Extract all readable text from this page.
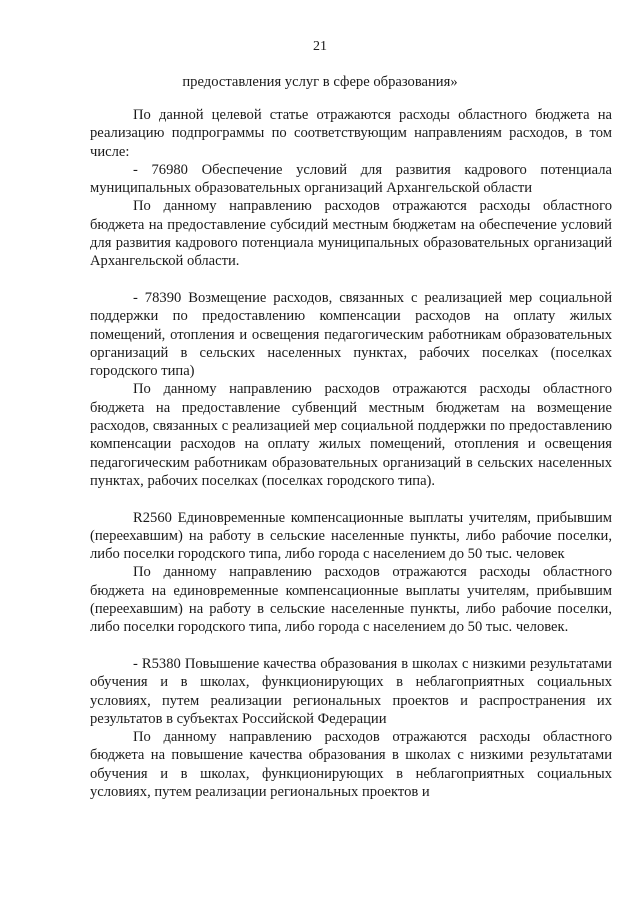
21
предоставления услуг в сфере образования»

По данной целевой статье отражаются расходы областного бюджета на реализацию подпрограммы по соответствующим направлениям расходов, в том числе:

- 76980 Обеспечение условий для развития кадрового потенциала муниципальных образовательных организаций Архангельской области

По данному направлению расходов отражаются расходы областного бюджета на предоставление субсидий местным бюджетам на обеспечение условий для развития кадрового потенциала муниципальных образовательных организаций Архангельской области.

- 78390 Возмещение расходов, связанных с реализацией мер социальной поддержки по предоставлению компенсации расходов на оплату жилых помещений, отопления и освещения педагогическим работникам образовательных организаций в сельских населенных пунктах, рабочих поселках (поселках городского типа)

По данному направлению расходов отражаются расходы областного бюджета на предоставление субвенций местным бюджетам на возмещение расходов, связанных с реализацией мер социальной поддержки по предоставлению компенсации расходов на оплату жилых помещений, отопления и освещения педагогическим работникам образовательных организаций в сельских населенных пунктах, рабочих поселках (поселках городского типа).

R2560 Единовременные компенсационные выплаты учителям, прибывшим (переехавшим) на работу в сельские населенные пункты, либо рабочие поселки, либо поселки городского типа, либо города с населением до 50 тыс. человек

По данному направлению расходов отражаются расходы областного бюджета на единовременные компенсационные выплаты учителям, прибывшим (переехавшим) на работу в сельские населенные пункты, либо рабочие поселки, либо поселки городского типа, либо города с населением до 50 тыс. человек.

- R5380 Повышение качества образования в школах с низкими результатами обучения и в школах, функционирующих в неблагоприятных социальных условиях, путем реализации региональных проектов и распространения их результатов в субъектах Российской Федерации

По данному направлению расходов отражаются расходы областного бюджета на повышение качества образования в школах с низкими результатами обучения и в школах, функционирующих в неблагоприятных социальных условиях, путем реализации региональных проектов и
